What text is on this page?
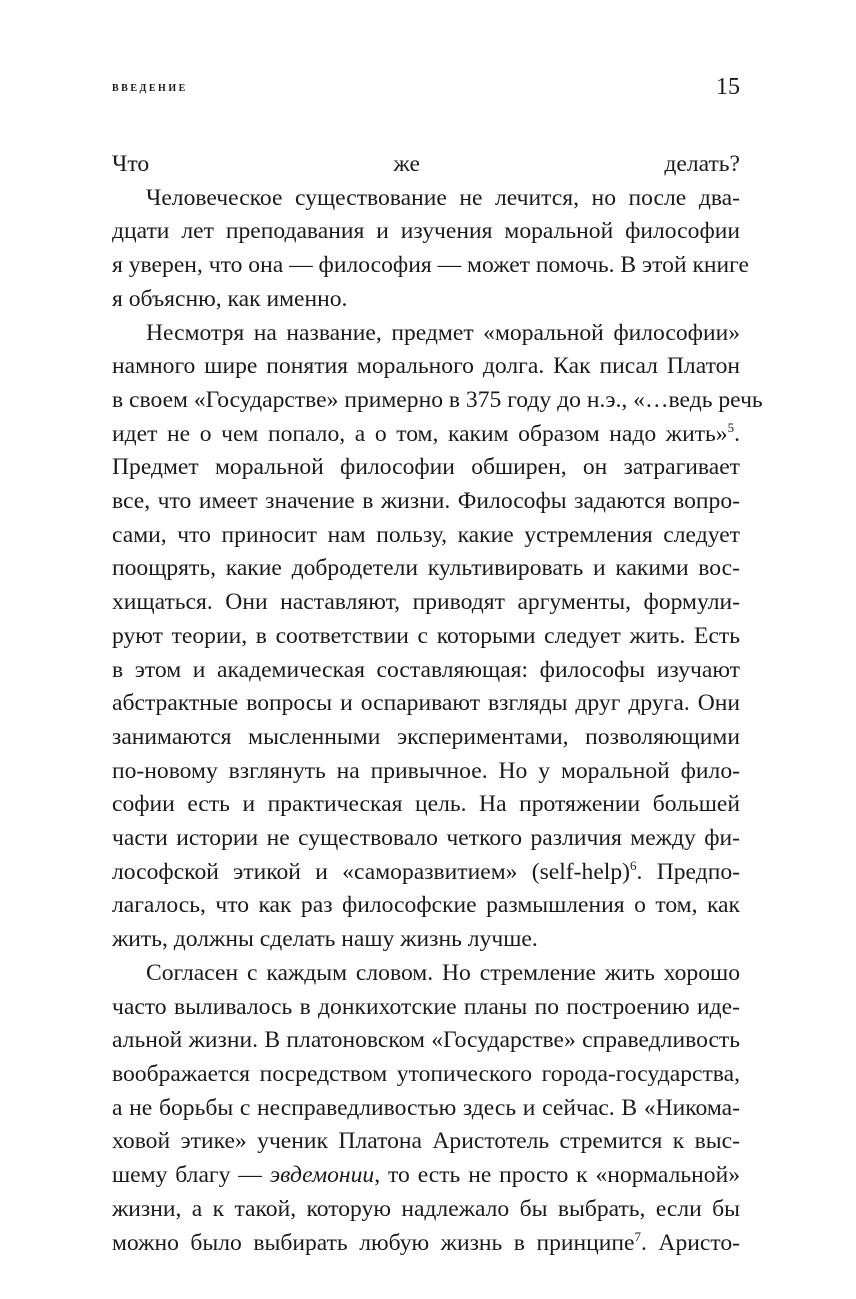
введение	15
Что же делать?
Человеческое существование не лечится, но после два-
дцати лет преподавания и изучения моральной философии
я уверен, что она — философия — может помочь. В этой книге
я объясню, как именно.
Несмотря на название, предмет «моральной философии»
намного шире понятия морального долга. Как писал Платон
в своем «Государстве» примерно в 375 году до н.э., «…ведь речь
идет не о чем попало, а о том, каким образом надо жить»$^5$.
Предмет моральной философии обширен, он затрагивает
все, что имеет значение в жизни. Философы задаются вопро-
сами, что приносит нам пользу, какие устремления следует
поощрять, какие добродетели культивировать и какими вос-
хищаться. Они наставляют, приводят аргументы, формули-
руют теории, в соответствии с которыми следует жить. Есть
в этом и академическая составляющая: философы изучают
абстрактные вопросы и оспаривают взгляды друг друга. Они
занимаются мысленными экспериментами, позволяющими
по-новому взглянуть на привычное. Но у моральной фило-
софии есть и практическая цель. На протяжении большей
части истории не существовало четкого различия между фи-
лософской этикой и «саморазвитием» (self-help)$^6$. Предпо-
лагалось, что как раз философские размышления о том, как
жить, должны сделать нашу жизнь лучше.
Согласен с каждым словом. Но стремление жить хорошо
часто выливалось в донкихотские планы по построению иде-
альной жизни. В платоновском «Государстве» справедливость
воображается посредством утопического города-государства,
а не борьбы с несправедливостью здесь и сейчас. В «Никома-
ховой этике» ученик Платона Аристотель стремится к выс-
шему благу — эвдемонии, то есть не просто к «нормальной»
жизни, а к такой, которую надлежало бы выбрать, если бы
можно было выбирать любую жизнь в принципе$^7$. Аристо-
